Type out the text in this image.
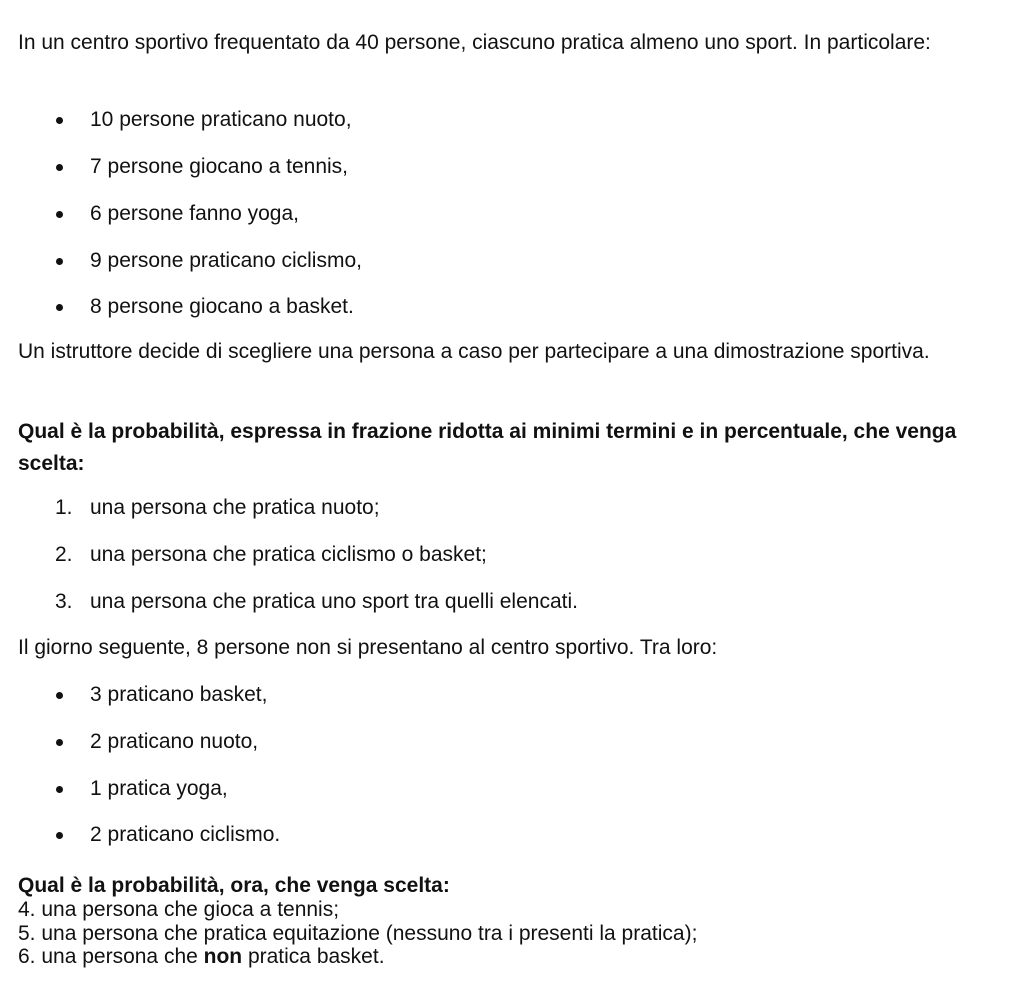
In un centro sportivo frequentato da 40 persone, ciascuno pratica almeno uno sport. In particolare:

10 persone praticano nuoto,
7 persone giocano a tennis,
6 persone fanno yoga,
9 persone praticano ciclismo,
8 persone giocano a basket.

Un istruttore decide di scegliere una persona a caso per partecipare a una dimostrazione sportiva.

Qual è la probabilità, espressa in frazione ridotta ai minimi termini e in percentuale, che venga scelta:

1. una persona che pratica nuoto;
2. una persona che pratica ciclismo o basket;
3. una persona che pratica uno sport tra quelli elencati.

Il giorno seguente, 8 persone non si presentano al centro sportivo. Tra loro:

3 praticano basket,
2 praticano nuoto,
1 pratica yoga,
2 praticano ciclismo.

Qual è la probabilità, ora, che venga scelta:

4. una persona che gioca a tennis;

5. una persona che pratica equitazione (nessuno tra i presenti la pratica);

6. una persona che non pratica basket.
